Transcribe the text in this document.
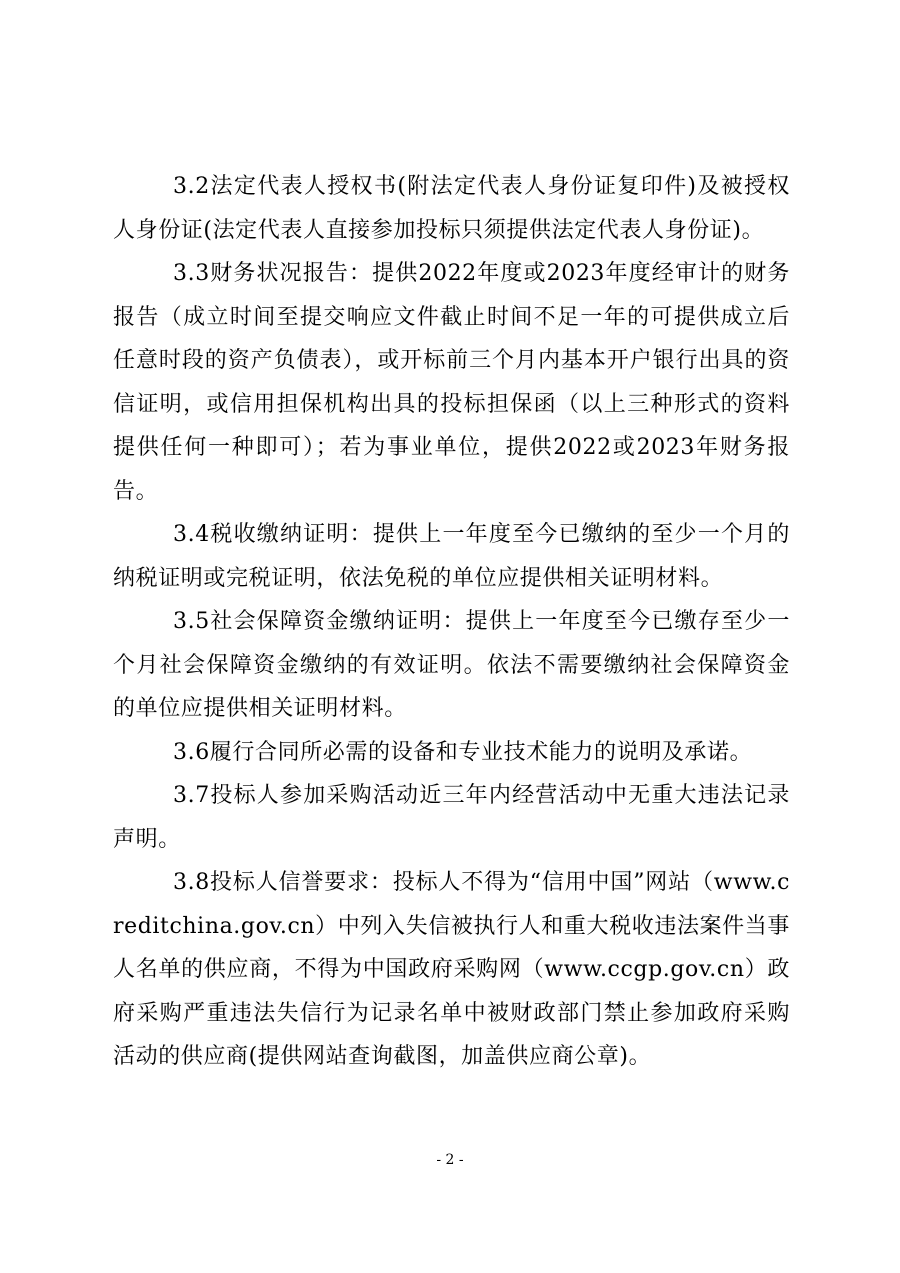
3.2法定代表人授权书(附法定代表人身份证复印件)及被授权人身份证(法定代表人直接参加投标只须提供法定代表人身份证)。

3.3财务状况报告：提供2022年度或2023年度经审计的财务报告（成立时间至提交响应文件截止时间不足一年的可提供成立后任意时段的资产负债表），或开标前三个月内基本开户银行出具的资信证明，或信用担保机构出具的投标担保函（以上三种形式的资料提供任何一种即可）；若为事业单位，提供2022或2023年财务报告。

3.4税收缴纳证明：提供上一年度至今已缴纳的至少一个月的纳税证明或完税证明，依法免税的单位应提供相关证明材料。

3.5社会保障资金缴纳证明：提供上一年度至今已缴存至少一个月社会保障资金缴纳的有效证明。依法不需要缴纳社会保障资金的单位应提供相关证明材料。

3.6履行合同所必需的设备和专业技术能力的说明及承诺。

3.7投标人参加采购活动近三年内经营活动中无重大违法记录声明。

3.8投标人信誉要求：投标人不得为“信用中国”网站（www.creditchina.gov.cn）中列入失信被执行人和重大税收违法案件当事人名单的供应商，不得为中国政府采购网（www.ccgp.gov.cn）政府采购严重违法失信行为记录名单中被财政部门禁止参加政府采购活动的供应商(提供网站查询截图，加盖供应商公章)。

- 2 -
